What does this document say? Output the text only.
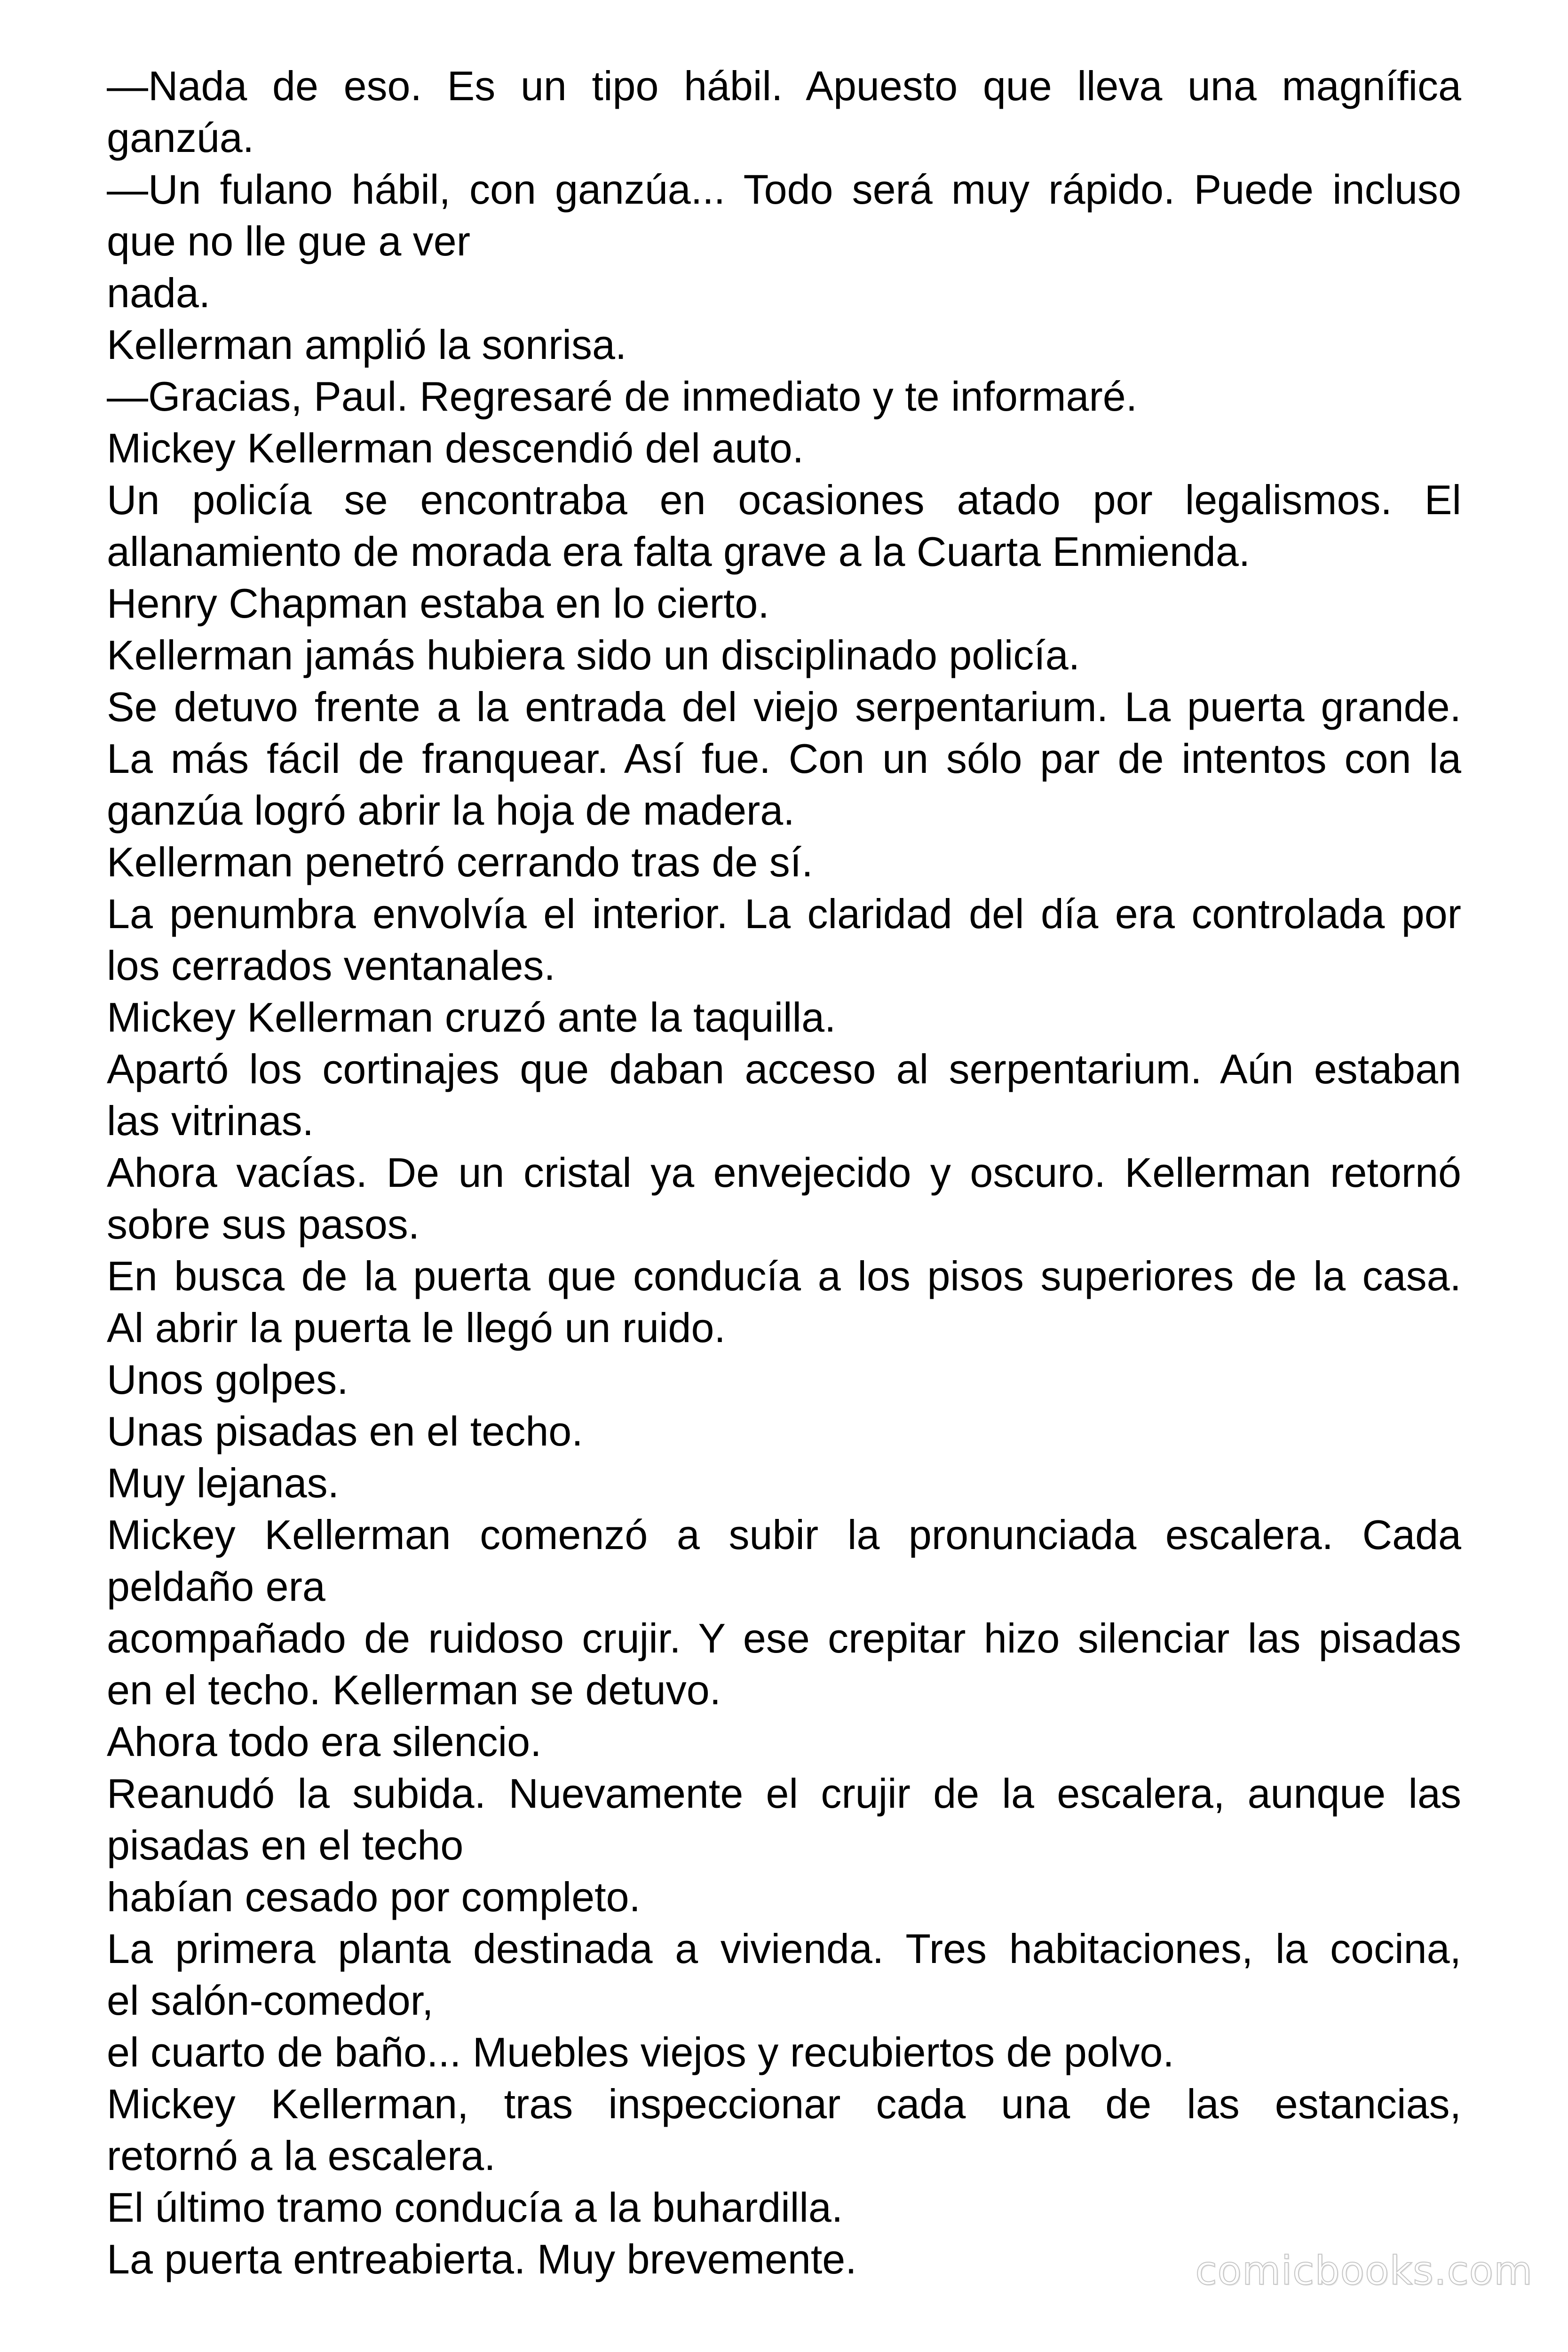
—Nada de eso. Es un tipo hábil. Apuesto que lleva una magnífica
ganzúa.
—Un fulano hábil, con ganzúa... Todo será muy rápido. Puede incluso
que no lle gue a ver
nada.
Kellerman amplió la sonrisa.
—Gracias, Paul. Regresaré de inmediato y te informaré.
Mickey Kellerman descendió del auto.
Un policía se encontraba en ocasiones atado por legalismos. El
allanamiento de morada era falta grave a la Cuarta Enmienda.
Henry Chapman estaba en lo cierto.
Kellerman jamás hubiera sido un disciplinado policía.
Se detuvo frente a la entrada del viejo serpentarium. La puerta grande.
La más fácil de franquear. Así fue. Con un sólo par de intentos con la
ganzúa logró abrir la hoja de madera.
Kellerman penetró cerrando tras de sí.
La penumbra envolvía el interior. La claridad del día era controlada por
los cerrados ventanales.
Mickey Kellerman cruzó ante la taquilla.
Apartó los cortinajes que daban acceso al serpentarium. Aún estaban
las vitrinas.
Ahora vacías. De un cristal ya envejecido y oscuro. Kellerman retornó
sobre sus pasos.
En busca de la puerta que conducía a los pisos superiores de la casa.
Al abrir la puerta le llegó un ruido.
Unos golpes.
Unas pisadas en el techo.
Muy lejanas.
Mickey Kellerman comenzó a subir la pronunciada escalera. Cada
peldaño era
acompañado de ruidoso crujir. Y ese crepitar hizo silenciar las pisadas
en el techo. Kellerman se detuvo.
Ahora todo era silencio.
Reanudó la subida. Nuevamente el crujir de la escalera, aunque las
pisadas en el techo
habían cesado por completo.
La primera planta destinada a vivienda. Tres habitaciones, la cocina,
el salón-comedor,
el cuarto de baño... Muebles viejos y recubiertos de polvo.
Mickey Kellerman, tras inspeccionar cada una de las estancias,
retornó a la escalera.
El último tramo conducía a la buhardilla.
La puerta entreabierta. Muy brevemente.	comicbooks.com
